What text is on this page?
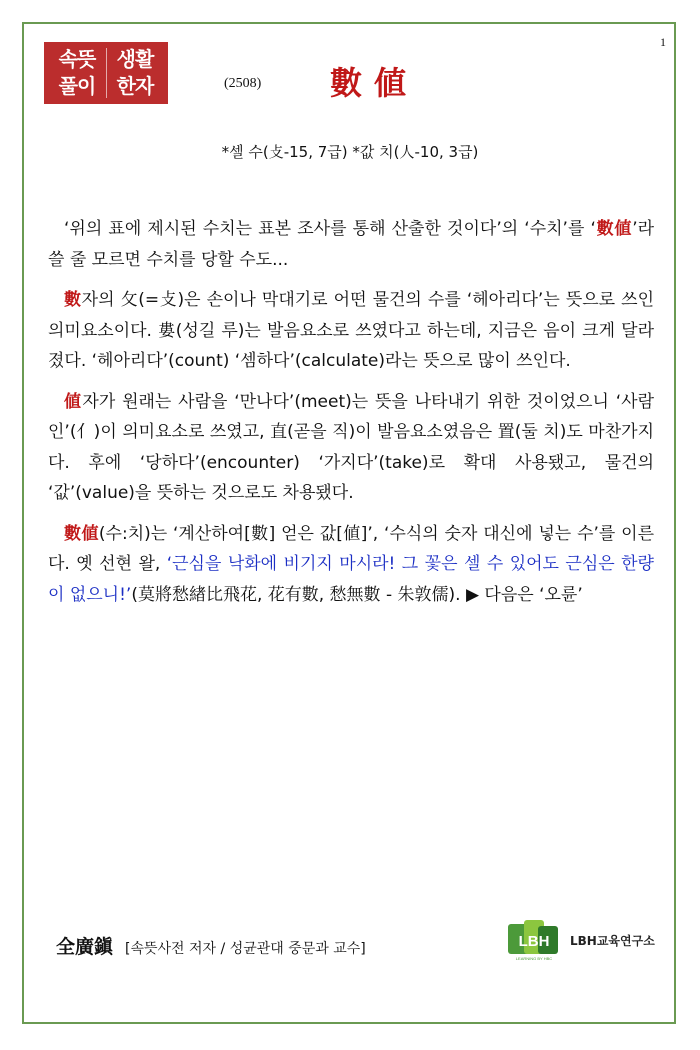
1
속뜻	생활
풀이	한자	(2508) 數値
*셀 수(攴-15, 7급) *값 치(人-10, 3급)

‘위의 표에 제시된 수치는 표본 조사를 통해 산출한 것이다’의 ‘수치’를 ‘數値’라 쓸 줄 모르면 수치를 당할 수도...

數자의 攵(=攴)은 손이나 막대기로 어떤 물건의 수를 ‘헤아리다’는 뜻으로 쓰인 의미요소이다. 婁(성길 루)는 발음요소로 쓰였다고 하는데, 지금은 음이 크게 달라졌다. ‘헤아리다’(count) ‘셈하다’(calculate)라는 뜻으로 많이 쓰인다.

値자가 원래는 사람을 ‘만나다’(meet)는 뜻을 나타내기 위한 것이었으니 ‘사람 인’(亻)이 의미요소로 쓰였고, 直(곧을 직)이 발음요소였음은 置(둘 치)도 마찬가지다. 후에 ‘당하다’(encounter) ‘가지다’(take)로 확대 사용됐고, 물건의 ‘값’(value)을 뜻하는 것으로도 차용됐다.

數値(수:치)는 ‘계산하여[數] 얻은 값[値]’, ‘수식의 숫자 대신에 넣는 수’를 이른다. 옛 선현 왈, ‘근심을 낙화에 비기지 마시라! 그 꽃은 셀 수 있어도 근심은 한량이 없으니!’(莫將愁緖比飛花, 花有數, 愁無數 - 朱敦儒). ▶ 다음은 ‘오륜’

全廣鎭 [속뜻사전 저자 / 성균관대 중문과 교수]	LBH
LEARNING BY HBC
LBH교육연구소
